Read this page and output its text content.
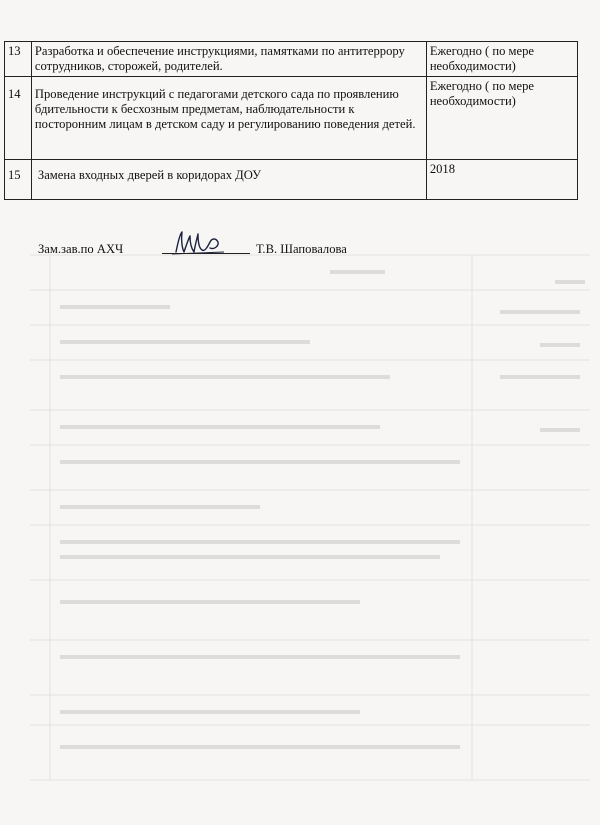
13	Разработка и обеспечение инструкциями, памятками по антитеррору сотрудников, сторожей, родителей.	Ежегодно ( по мере необходимости)
14	Проведение инструкций с педагогами детского сада по проявлению бдительности к бесхозным предметам, наблюдательности к посторонним лицам в детском саду и регулированию поведения детей.	Ежегодно ( по мере необходимости)
15	Замена входных дверей в коридорах ДОУ	2018
Зам.зав.по АХЧ	Т.В. Шаповалова
